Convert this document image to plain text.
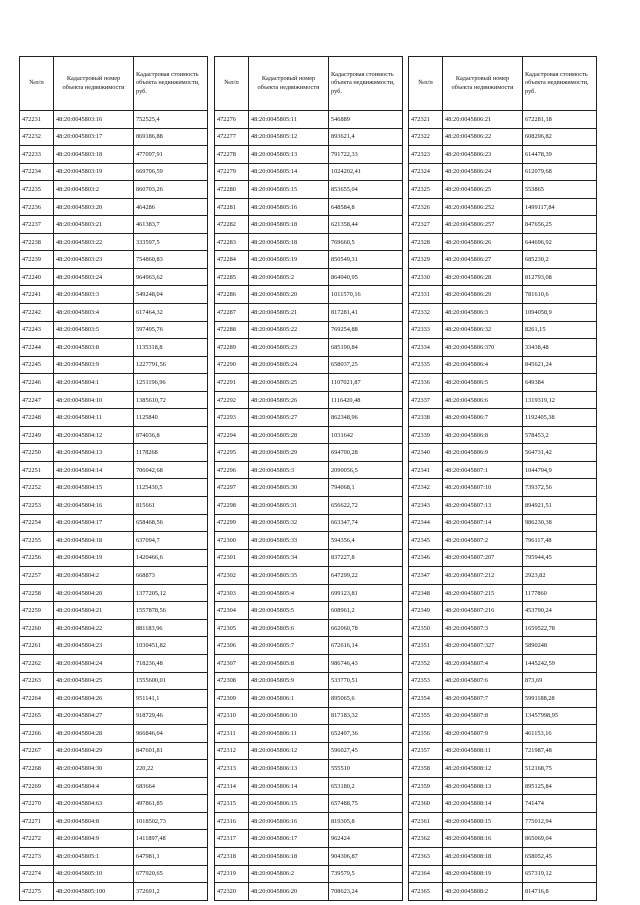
№п/п	Кадастровый номер объекта недвижимости	Кадастровая стоимость объекта недвижимости, руб.
472231	48:20:0045803:16	752525,4
472232	48:20:0045803:17	869186,88
472233	48:20:0045803:18	477097,91
472234	48:20:0045803:19	669706,59
472235	48:20:0045803:2	860703,26
472236	48:20:0045803:20	464286
472237	48:20:0045803:21	461383,7
472238	48:20:0045803:22	333597,5
472239	48:20:0045803:23	754860,83
472240	48:20:0045803:24	964963,62
472241	48:20:0045803:3	549248,04
472242	48:20:0045803:4	617464,32
472243	48:20:0045803:5	597495,76
472244	48:20:0045803:8	1135318,8
472245	48:20:0045803:9	1227791,56
472246	48:20:0045804:1	1251196,96
472247	48:20:0045804:10	1385610,72
472248	48:20:0045804:11	1125840
472249	48:20:0045804:12	874036,8
472250	48:20:0045804:13	1178268
472251	48:20:0045804:14	706042,68
472252	48:20:0045804:15	1125430,5
472253	48:20:0045804:16	815661
472254	48:20:0045804:17	658468,56
472255	48:20:0045804:18	637094,7
472256	48:20:0045804:19	1420466,6
472257	48:20:0045804:2	668873
472258	48:20:0045804:20	1377205,12
472259	48:20:0045804:21	1557878,56
472260	48:20:0045804:22	881183,96
472261	48:20:0045804:23	1030451,82
472262	48:20:0045804:24	718236,48
472263	48:20:0045804:25	1555600,01
472264	48:20:0045804:26	951141,1
472265	48:20:0045804:27	918729,46
472266	48:20:0045804:28	966846,04
472267	48:20:0045804:29	847601,81
472268	48:20:0045804:30	220,22
472269	48:20:0045804:4	683664
472270	48:20:0045804:63	497861,85
472271	48:20:0045804:8	1018502,73
472272	48:20:0045804:9	1411897,48
472273	48:20:0045805:1	647981,1
472274	48:20:0045805:10	677920,65
472275	48:20:0045805:100	372691,2
№п/п	Кадастровый номер объекта недвижимости	Кадастровая стоимость объекта недвижимости, руб.
472276	48:20:0045805:11	546889
472277	48:20:0045805:12	893621,4
472278	48:20:0045805:13	791722,33
472279	48:20:0045805:14	1024202,41
472280	48:20:0045805:15	853655,04
472281	48:20:0045805:16	648584,8
472282	48:20:0045805:18	621358,44
472283	48:20:0045805:18	769660,5
472284	48:20:0045805:19	850549,31
472285	48:20:0045805:2	864940,95
472286	48:20:0045805:20	1011570,16
472287	48:20:0045805:21	817281,41
472288	48:20:0045805:22	769254,88
472289	48:20:0045805:23	685190,84
472290	48:20:0045805:24	658037,25
472291	48:20:0045805:25	1107021,87
472292	48:20:0045805:26	1116420,48
472293	48:20:0045805:27	862348,96
472294	48:20:0045805:28	1031642
472295	48:20:0045805:29	694700,28
472296	48:20:0045805:3	2090056,5
472297	48:20:0045805:30	794068,1
472298	48:20:0045805:31	656622,72
472299	48:20:0045805:32	663347,74
472300	48:20:0045805:33	594356,4
472301	48:20:0045805:34	837227,8
472302	48:20:0045805:35	647299,22
472303	48:20:0045805:4	699123,81
472304	48:20:0045805:5	608961,2
472305	48:20:0045805:6	662060,78
472306	48:20:0045805:7	672616,14
472307	48:20:0045805:8	986746,43
472308	48:20:0045805:9	533770,51
472309	48:20:0045806:1	895065,6
472310	48:20:0045806:10	817183,32
472311	48:20:0045806:11	652497,36
472312	48:20:0045806:12	596027,45
472313	48:20:0045806:13	555510
472314	48:20:0045806:14	653180,2
472315	48:20:0045806:15	657488,75
472316	48:20:0045806:16	819305,8
472317	48:20:0045806:17	962424
472318	48:20:0045806:18	904306,87
472319	48:20:0045806:2	739579,5
472320	48:20:0045806:20	708623,24
№п/п	Кадастровый номер объекта недвижимости	Кадастровая стоимость объекта недвижимости, руб.
472321	48:20:0045806:21	672281,18
472322	48:20:0045806:22	608296,82
472323	48:20:0045806:23	614478,39
472324	48:20:0045806:24	612079,68
472325	48:20:0045806:25	553865
472326	48:20:0045806:252	1499117,84
472327	48:20:0045806:257	847656,25
472328	48:20:0045806:26	644696,92
472329	48:20:0045806:27	685230,2
472330	48:20:0045806:28	812793,08
472331	48:20:0045806:29	781610,6
472332	48:20:0045806:3	1094058,9
472333	48:20:0045806:32	8261,15
472334	48:20:0045806:370	33438,48
472335	48:20:0045806:4	845621,24
472336	48:20:0045806:5	649384
472337	48:20:0045806:6	1319319,12
472338	48:20:0045806:7	1192405,38
472339	48:20:0045806:8	578453,2
472340	48:20:0045806:9	564731,42
472341	48:20:0045807:1	1044794,9
472342	48:20:0045807:10	739372,56
472343	48:20:0045807:13	894921,51
472344	48:20:0045807:14	986230,38
472345	48:20:0045807:2	796117,48
472346	48:20:0045807:207	795944,45
472347	48:20:0045807:212	2923,82
472348	48:20:0045807:215	1177860
472349	48:20:0045807:216	453790,24
472350	48:20:0045807:3	1659522,78
472351	48:20:0045807:327	5890248
472352	48:20:0045807:4	1445242,59
472353	48:20:0045807:6	873,69
472354	48:20:0045807:7	5991188,28
472355	48:20:0045807:8	13457998,95
472356	48:20:0045807:9	461153,16
472357	48:20:0045808:11	721987,48
472358	48:20:0045808:12	512168,75
472359	48:20:0045808:13	895125,84
472360	48:20:0045808:14	741474
472361	48:20:0045808:15	775012,94
472362	48:20:0045808:16	865069,04
472363	48:20:0045808:18	658052,45
472364	48:20:0045808:19	657319,12
472365	48:20:0045808:2	814716,8
